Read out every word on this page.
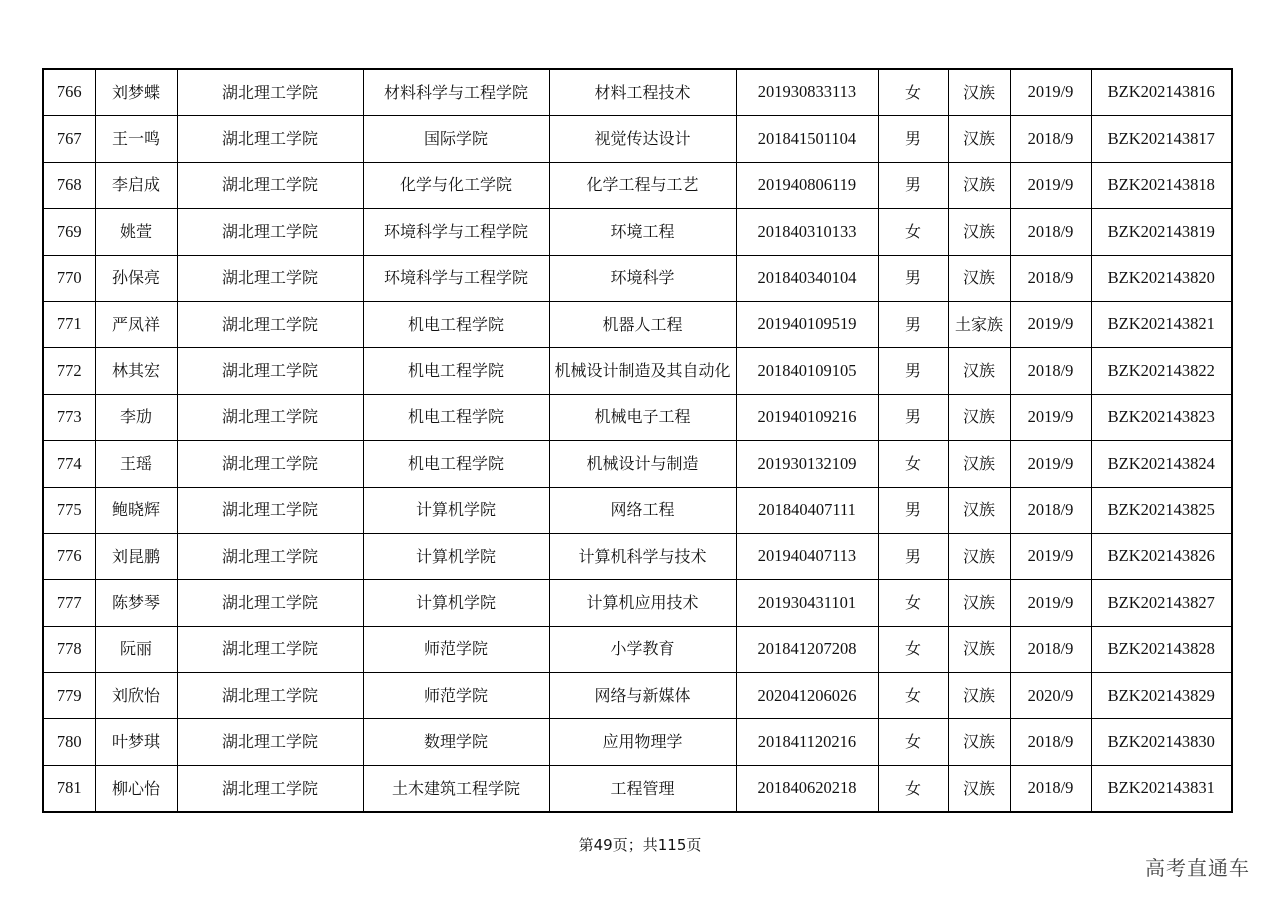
766	刘梦蝶	湖北理工学院	材料科学与工程学院	材料工程技术	201930833113	女	汉族	2019/9	BZK202143816
767	王一鸣	湖北理工学院	国际学院	视觉传达设计	201841501104	男	汉族	2018/9	BZK202143817
768	李启成	湖北理工学院	化学与化工学院	化学工程与工艺	201940806119	男	汉族	2019/9	BZK202143818
769	姚萱	湖北理工学院	环境科学与工程学院	环境工程	201840310133	女	汉族	2018/9	BZK202143819
770	孙保亮	湖北理工学院	环境科学与工程学院	环境科学	201840340104	男	汉族	2018/9	BZK202143820
771	严凤祥	湖北理工学院	机电工程学院	机器人工程	201940109519	男	土家族	2019/9	BZK202143821
772	林其宏	湖北理工学院	机电工程学院	机械设计制造及其自动化	201840109105	男	汉族	2018/9	BZK202143822
773	李劢	湖北理工学院	机电工程学院	机械电子工程	201940109216	男	汉族	2019/9	BZK202143823
774	王瑶	湖北理工学院	机电工程学院	机械设计与制造	201930132109	女	汉族	2019/9	BZK202143824
775	鲍晓辉	湖北理工学院	计算机学院	网络工程	201840407111	男	汉族	2018/9	BZK202143825
776	刘昆鹏	湖北理工学院	计算机学院	计算机科学与技术	201940407113	男	汉族	2019/9	BZK202143826
777	陈梦琴	湖北理工学院	计算机学院	计算机应用技术	201930431101	女	汉族	2019/9	BZK202143827
778	阮丽	湖北理工学院	师范学院	小学教育	201841207208	女	汉族	2018/9	BZK202143828
779	刘欣怡	湖北理工学院	师范学院	网络与新媒体	202041206026	女	汉族	2020/9	BZK202143829
780	叶梦琪	湖北理工学院	数理学院	应用物理学	201841120216	女	汉族	2018/9	BZK202143830
781	柳心怡	湖北理工学院	土木建筑工程学院	工程管理	201840620218	女	汉族	2018/9	BZK202143831
第49页；共115页
高考直通车
